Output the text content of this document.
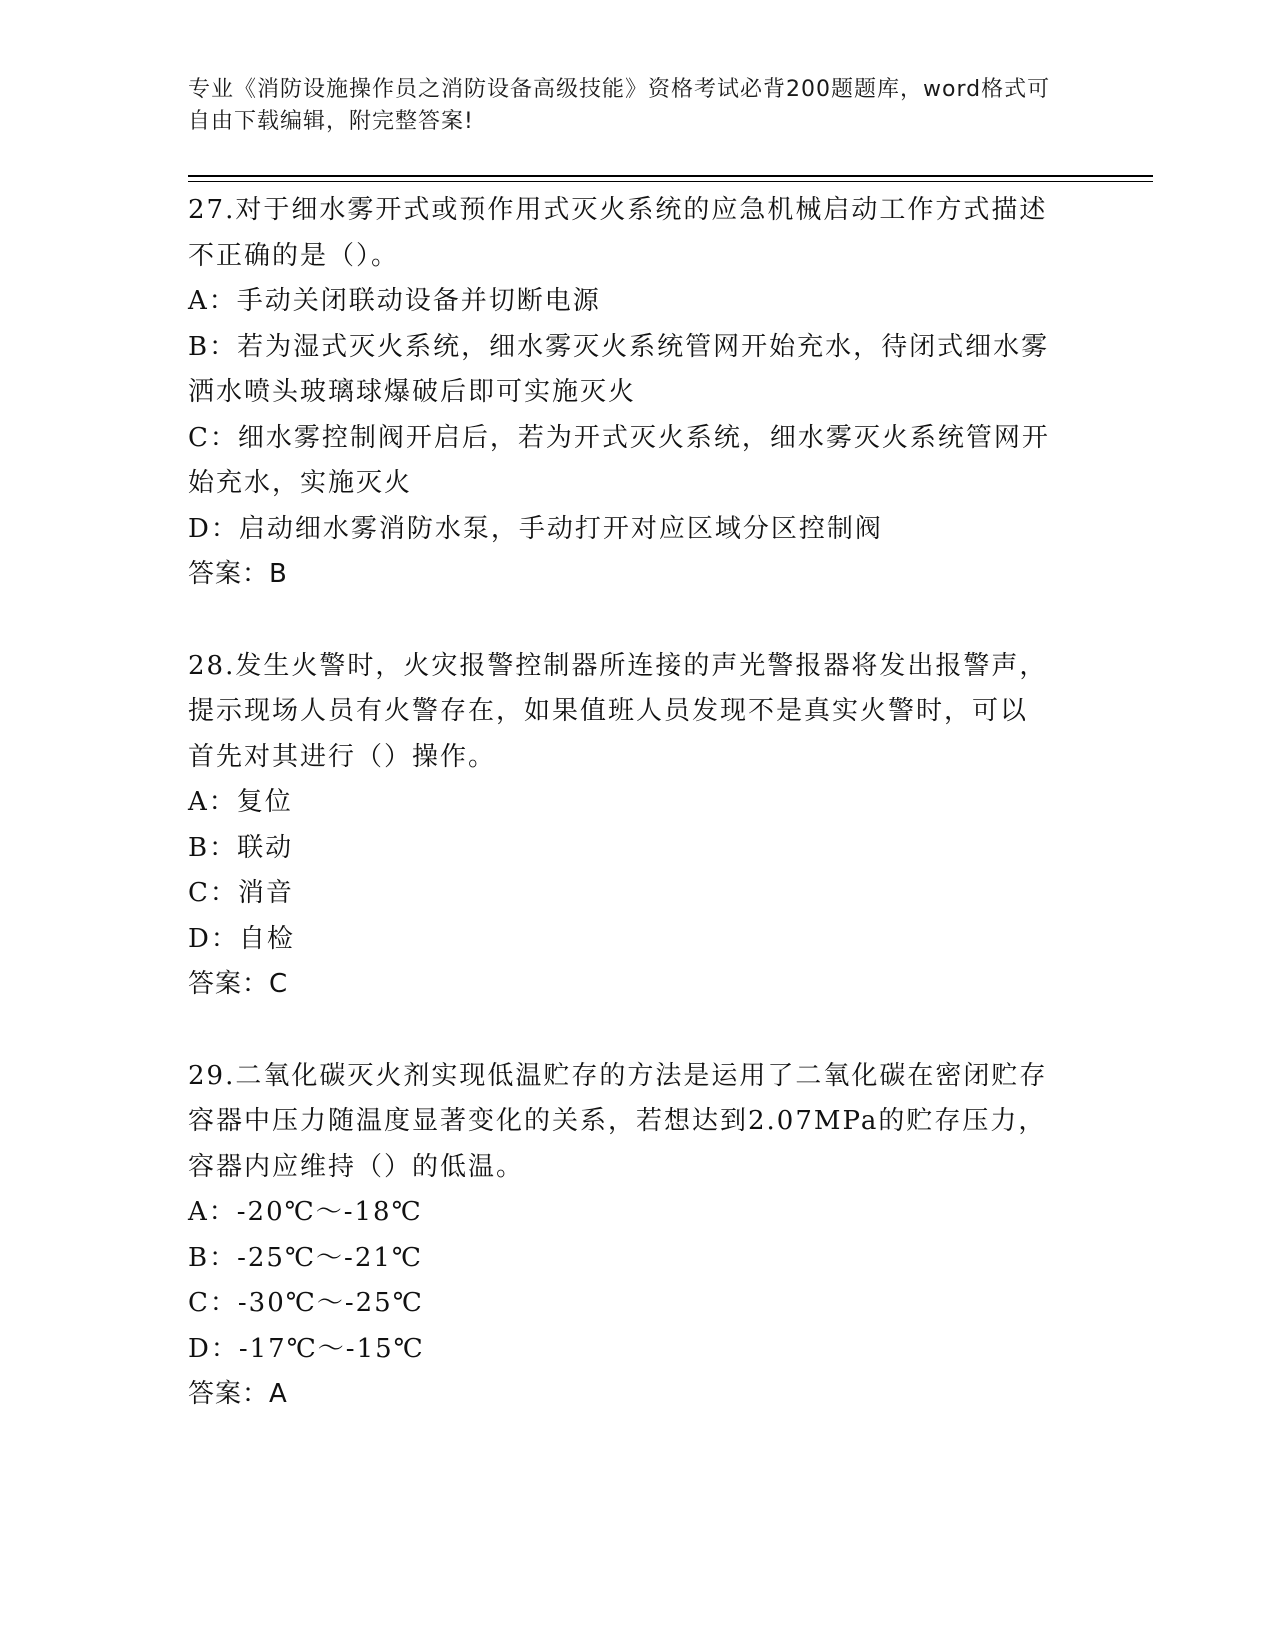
专业《消防设施操作员之消防设备高级技能》资格考试必背200题题库，word格式可自由下载编辑，附完整答案!
27.对于细水雾开式或预作用式灭火系统的应急机械启动工作方式描述
不正确的是（）。
A：手动关闭联动设备并切断电源
B：若为湿式灭火系统，细水雾灭火系统管网开始充水，待闭式细水雾
洒水喷头玻璃球爆破后即可实施灭火
C：细水雾控制阀开启后，若为开式灭火系统，细水雾灭火系统管网开
始充水，实施灭火
D：启动细水雾消防水泵，手动打开对应区域分区控制阀
答案：B
28.发生火警时，火灾报警控制器所连接的声光警报器将发出报警声，
提示现场人员有火警存在，如果值班人员发现不是真实火警时，可以
首先对其进行（）操作。
A：复位
B：联动
C：消音
D：自检
答案：C
29.二氧化碳灭火剂实现低温贮存的方法是运用了二氧化碳在密闭贮存
容器中压力随温度显著变化的关系，若想达到2.07MPa的贮存压力，
容器内应维持（）的低温。
A：-20℃～-18℃
B：-25℃～-21℃
C：-30℃～-25℃
D：-17℃～-15℃
答案：A
